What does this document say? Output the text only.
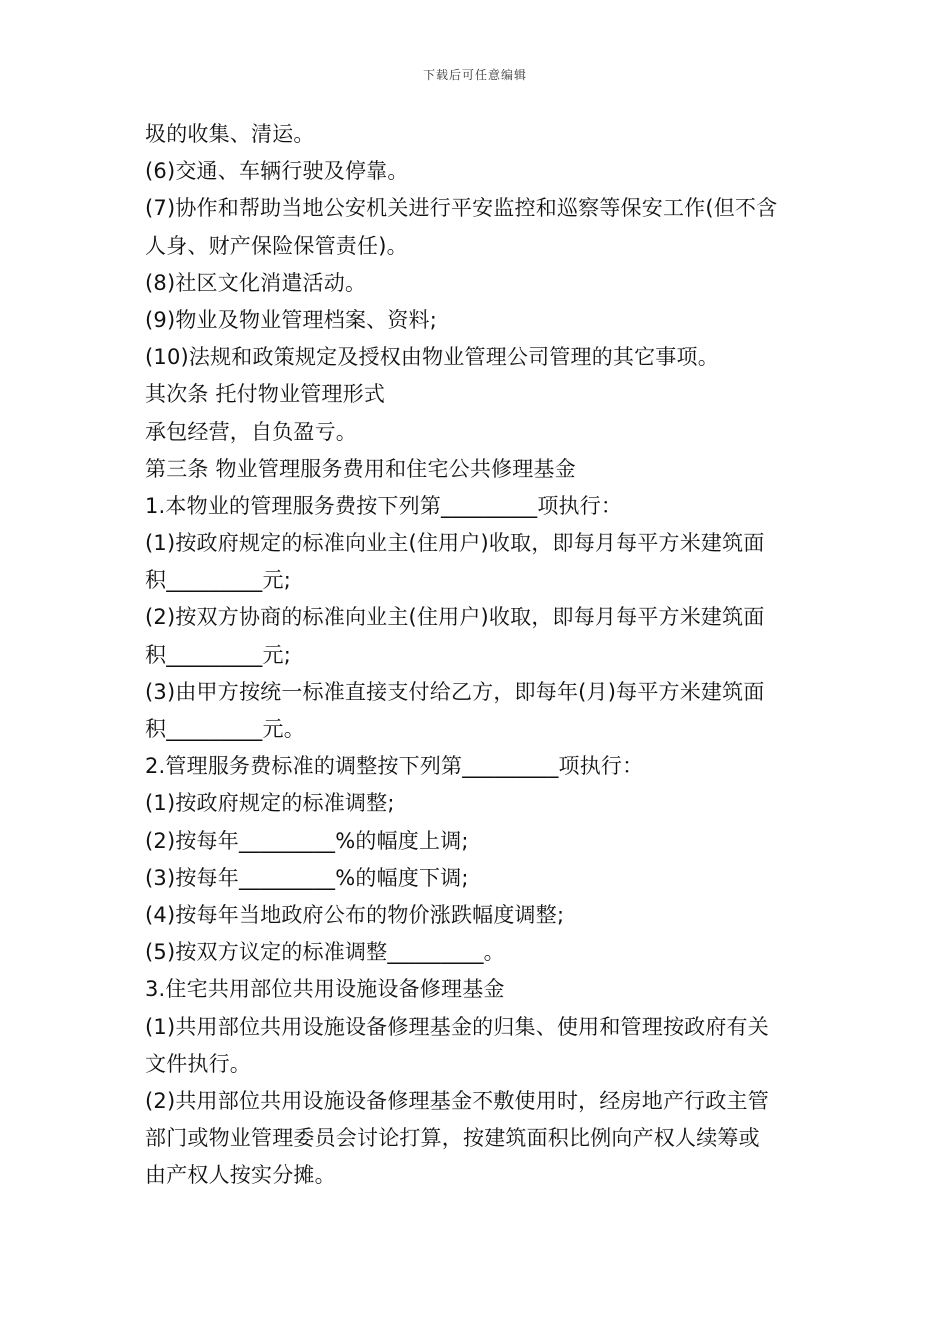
下载后可任意编辑
圾的收集、清运。
(6)交通、车辆行驶及停靠。
(7)协作和帮助当地公安机关进行平安监控和巡察等保安工作(但不含
人身、财产保险保管责任)。
(8)社区文化消遣活动。
(9)物业及物业管理档案、资料;
(10)法规和政策规定及授权由物业管理公司管理的其它事项。
其次条 托付物业管理形式
承包经营，自负盈亏。
第三条 物业管理服务费用和住宅公共修理基金
1.本物业的管理服务费按下列第_________项执行：
(1)按政府规定的标准向业主(住用户)收取，即每月每平方米建筑面
积_________元;
(2)按双方协商的标准向业主(住用户)收取，即每月每平方米建筑面
积_________元;
(3)由甲方按统一标准直接支付给乙方，即每年(月)每平方米建筑面
积_________元。
2.管理服务费标准的调整按下列第_________项执行：
(1)按政府规定的标准调整;
(2)按每年_________%的幅度上调;
(3)按每年_________%的幅度下调;
(4)按每年当地政府公布的物价涨跌幅度调整;
(5)按双方议定的标准调整_________。
3.住宅共用部位共用设施设备修理基金
(1)共用部位共用设施设备修理基金的归集、使用和管理按政府有关
文件执行。
(2)共用部位共用设施设备修理基金不敷使用时，经房地产行政主管
部门或物业管理委员会讨论打算，按建筑面积比例向产权人续筹或
由产权人按实分摊。
